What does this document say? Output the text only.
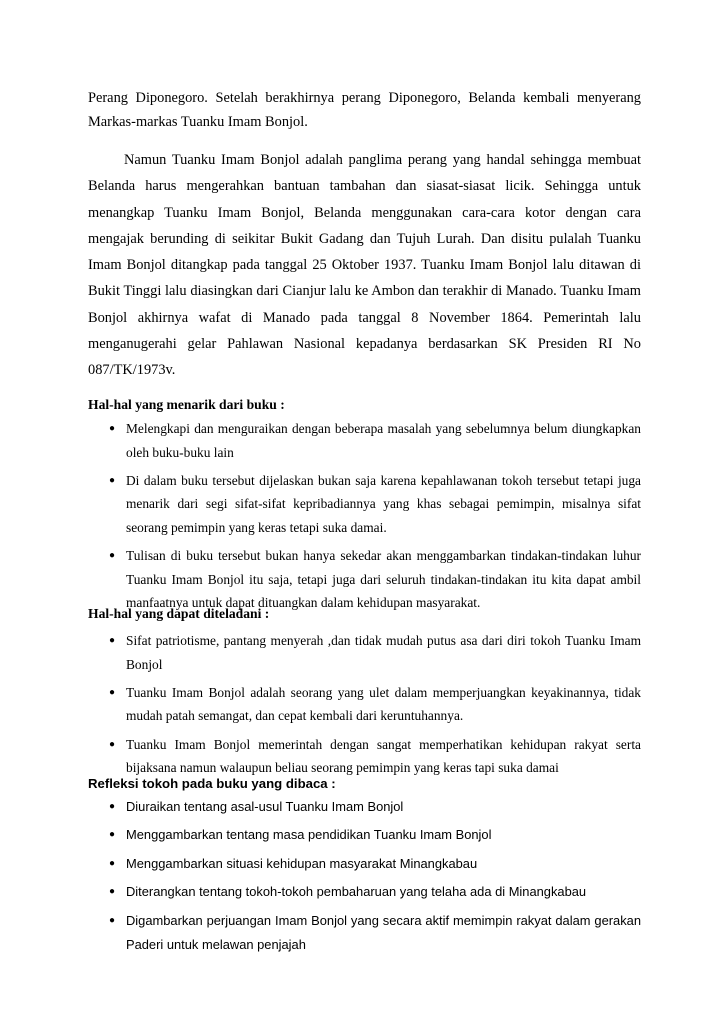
Perang Diponegoro. Setelah berakhirnya perang Diponegoro, Belanda kembali menyerang Markas-markas Tuanku Imam Bonjol.

Namun Tuanku Imam Bonjol adalah panglima perang yang handal sehingga membuat Belanda harus mengerahkan bantuan tambahan dan siasat-siasat licik. Sehingga untuk menangkap Tuanku Imam Bonjol, Belanda menggunakan cara-cara kotor dengan cara mengajak berunding di seikitar Bukit Gadang dan Tujuh Lurah. Dan disitu pulalah Tuanku Imam Bonjol ditangkap pada tanggal 25 Oktober 1937. Tuanku Imam Bonjol lalu ditawan di Bukit Tinggi lalu diasingkan dari Cianjur lalu ke Ambon dan terakhir di Manado. Tuanku Imam Bonjol akhirnya wafat di Manado pada tanggal 8 November 1864. Pemerintah lalu menganugerahi gelar Pahlawan Nasional kepadanya berdasarkan SK Presiden RI No 087/TK/1973v.

Hal-hal yang menarik dari buku :
● Melengkapi dan menguraikan dengan beberapa masalah yang sebelumnya belum diungkapkan oleh buku-buku lain
● Di dalam buku tersebut dijelaskan bukan saja karena kepahlawanan tokoh tersebut tetapi juga menarik dari segi sifat-sifat kepribadiannya yang khas sebagai pemimpin, misalnya sifat seorang pemimpin yang keras tetapi suka damai.
● Tulisan di buku tersebut bukan hanya sekedar akan menggambarkan tindakan-tindakan luhur Tuanku Imam Bonjol itu saja, tetapi juga dari seluruh tindakan-tindakan itu kita dapat ambil manfaatnya untuk dapat dituangkan dalam kehidupan masyarakat.
Hal-hal yang dapat diteladani :
● Sifat patriotisme, pantang menyerah ,dan tidak mudah putus asa dari diri tokoh Tuanku Imam Bonjol
● Tuanku Imam Bonjol adalah seorang yang ulet dalam memperjuangkan keyakinannya, tidak mudah patah semangat, dan cepat kembali dari keruntuhannya.
● Tuanku Imam Bonjol memerintah dengan sangat memperhatikan kehidupan rakyat serta bijaksana namun walaupun beliau seorang pemimpin yang keras tapi suka damai
Refleksi tokoh pada buku yang dibaca :
● Diuraikan tentang asal-usul Tuanku Imam Bonjol
● Menggambarkan tentang masa pendidikan Tuanku Imam Bonjol
● Menggambarkan situasi kehidupan masyarakat Minangkabau
● Diterangkan tentang tokoh-tokoh pembaharuan yang telaha ada di Minangkabau
● Digambarkan perjuangan Imam Bonjol yang secara aktif memimpin rakyat dalam gerakan Paderi untuk melawan penjajah
